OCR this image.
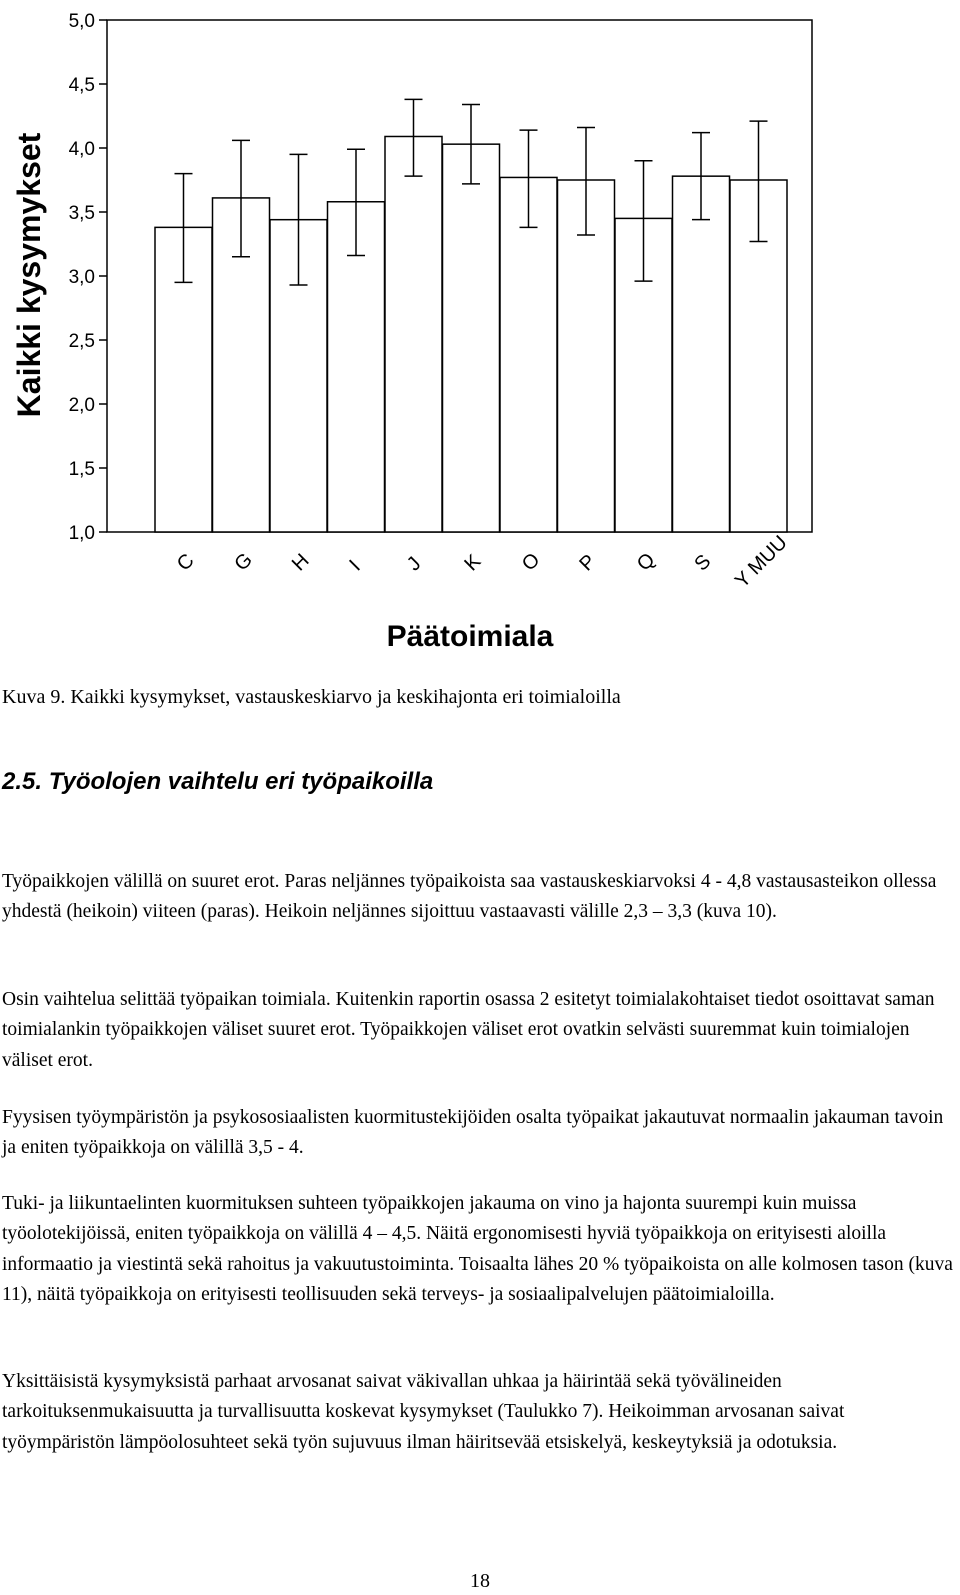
Kaikki kysymykset
Päätoimiala
1,0
1,5
2,0
2,5
3,0
3,5
4,0
4,5
5,0
C G H I J K O P Q S Y MUU
Kuva 9. Kaikki kysymykset, vastauskeskiarvo ja keskihajonta eri toimialoilla
2.5. Työolojen vaihtelu eri työpaikoilla

Työpaikkojen välillä on suuret erot. Paras neljännes työpaikoista saa vastauskeskiarvoksi 4 - 4,8 vastausasteikon ollessa yhdestä (heikoin) viiteen (paras). Heikoin neljännes sijoittuu vastaavasti välille 2,3 – 3,3 (kuva 10).

Osin vaihtelua selittää työpaikan toimiala. Kuitenkin raportin osassa 2 esitetyt toimialakohtaiset tiedot osoittavat saman toimialankin työpaikkojen väliset suuret erot. Työpaikkojen väliset erot ovatkin selvästi suuremmat kuin toimialojen väliset erot.

Fyysisen työympäristön ja psykososiaalisten kuormitustekijöiden osalta työpaikat jakautuvat normaalin jakauman tavoin ja eniten työpaikkoja on välillä 3,5 - 4.

Tuki- ja liikuntaelinten kuormituksen suhteen työpaikkojen jakauma on vino ja hajonta suurempi kuin muissa työolotekijöissä, eniten työpaikkoja on välillä 4 – 4,5. Näitä ergonomisesti hyviä työpaikkoja on erityisesti aloilla informaatio ja viestintä sekä rahoitus ja vakuutustoiminta. Toisaalta lähes 20 % työpaikoista on alle kolmosen tason (kuva 11), näitä työpaikkoja on erityisesti teollisuuden sekä terveys- ja sosiaalipalvelujen päätoimialoilla.

Yksittäisistä kysymyksistä parhaat arvosanat saivat väkivallan uhkaa ja häirintää sekä työvälineiden tarkoituksenmukaisuutta ja turvallisuutta koskevat kysymykset (Taulukko 7). Heikoimman arvosanan saivat työympäristön lämpöolosuhteet sekä työn sujuvuus ilman häiritsevää etsiskelyä, keskeytyksiä ja odotuksia.

18
